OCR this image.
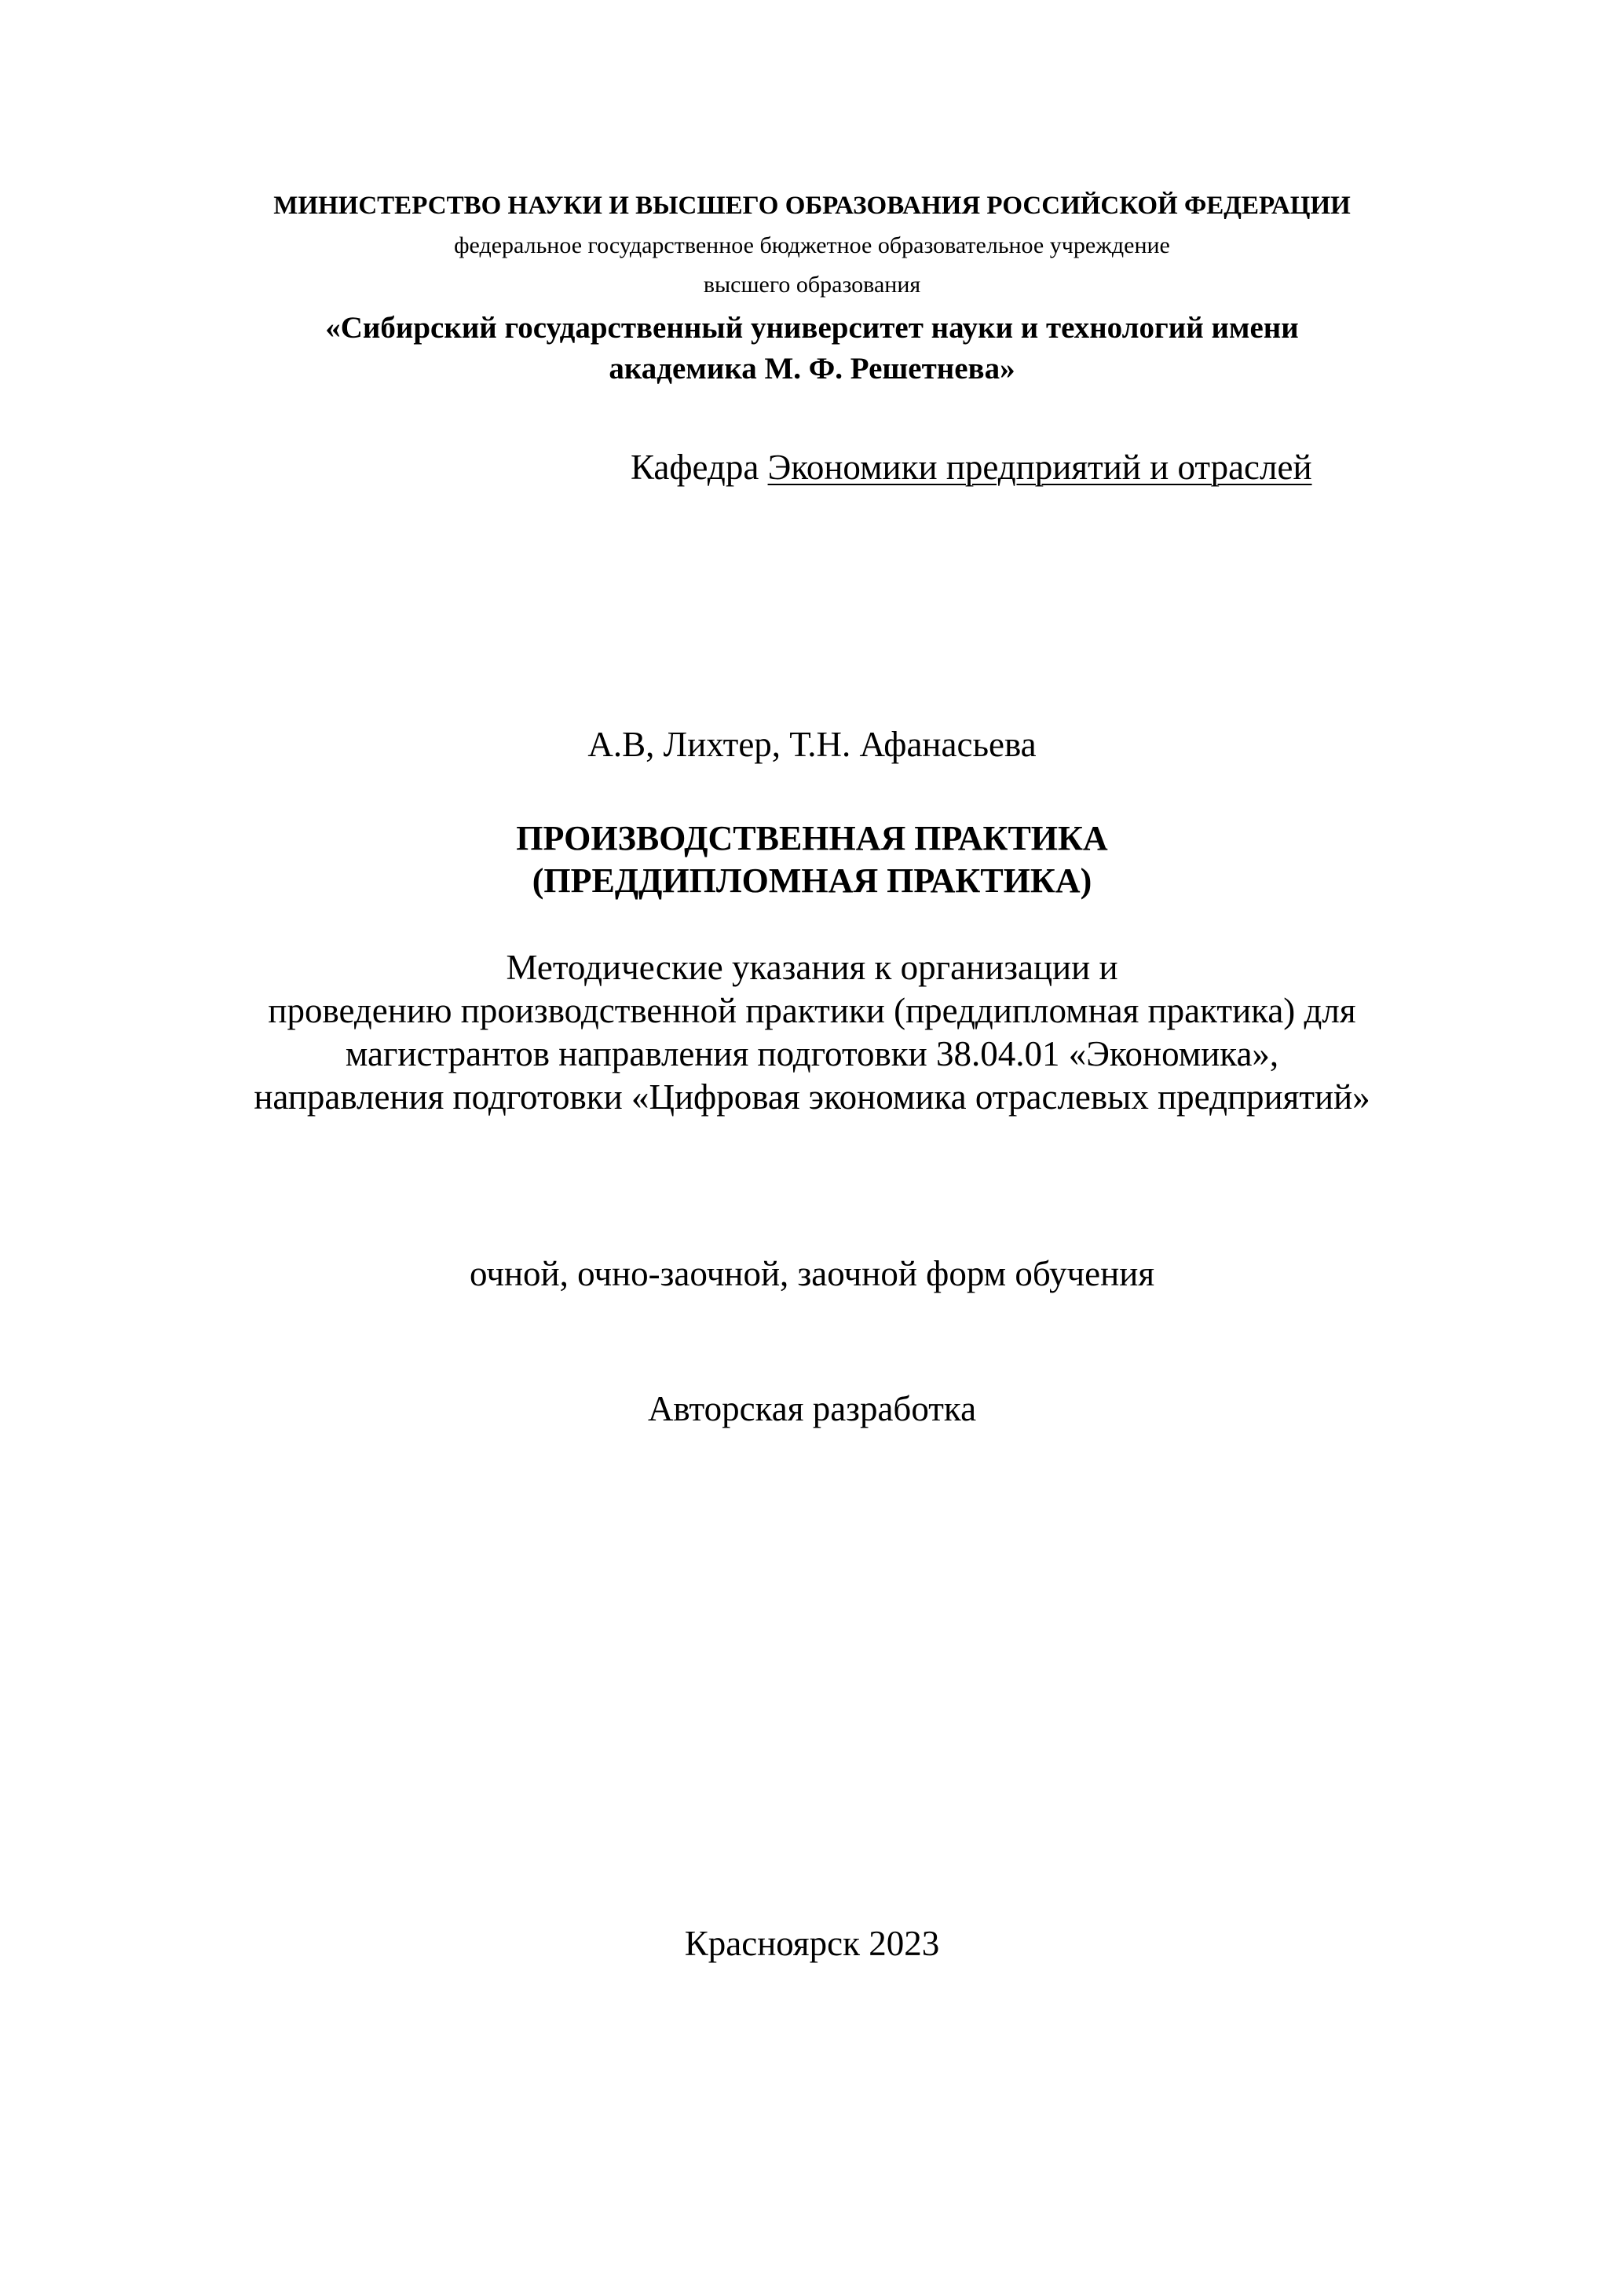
МИНИСТЕРСТВО НАУКИ И ВЫСШЕГО ОБРАЗОВАНИЯ РОССИЙСКОЙ ФЕДЕРАЦИИ
федеральное государственное бюджетное образовательное учреждение
высшего образования
«Сибирский государственный университет науки и технологий имени
академика М. Ф. Решетнева»
Кафедра Экономики предприятий и отраслей
А.В, Лихтер, Т.Н. Афанасьева
ПРОИЗВОДСТВЕННАЯ ПРАКТИКА
(ПРЕДДИПЛОМНАЯ ПРАКТИКА)
Методические указания к организации и
проведению производственной практики (преддипломная практика) для
магистрантов направления подготовки 38.04.01 «Экономика»,
направления подготовки «Цифровая экономика отраслевых предприятий»
очной, очно-заочной, заочной форм обучения
Авторская разработка
Красноярск 2023
